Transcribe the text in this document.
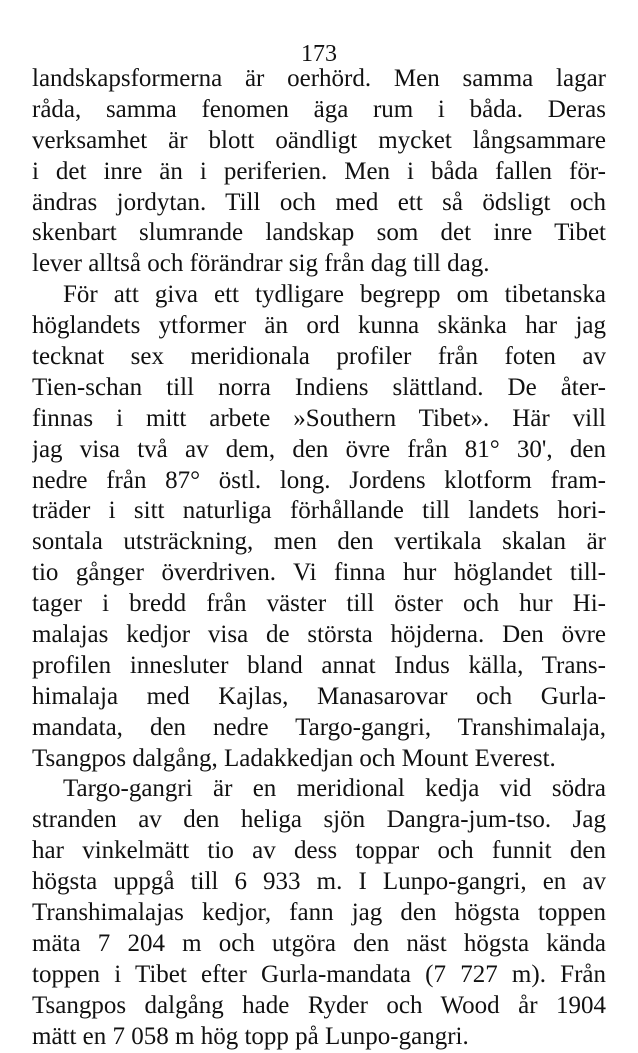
173
landskapsformerna är oerhörd. Men samma lagar
råda, samma fenomen äga rum i båda. Deras
verksamhet är blott oändligt mycket långsammare
i det inre än i periferien. Men i båda fallen för-
ändras jordytan. Till och med ett så ödsligt och
skenbart slumrande landskap som det inre Tibet
lever alltså och förändrar sig från dag till dag.
För att giva ett tydligare begrepp om tibetanska
höglandets ytformer än ord kunna skänka har jag
tecknat sex meridionala profiler från foten av
Tien-schan till norra Indiens slättland. De åter-
finnas i mitt arbete »Southern Tibet». Här vill
jag visa två av dem, den övre från 81° 30', den
nedre från 87° östl. long. Jordens klotform fram-
träder i sitt naturliga förhållande till landets hori-
sontala utsträckning, men den vertikala skalan är
tio gånger överdriven. Vi finna hur höglandet till-
tager i bredd från väster till öster och hur Hi-
malajas kedjor visa de största höjderna. Den övre
profilen innesluter bland annat Indus källa, Trans-
himalaja med Kajlas, Manasarovar och Gurla-
mandata, den nedre Targo-gangri, Transhimalaja,
Tsangpos dalgång, Ladakkedjan och Mount Everest.
Targo-gangri är en meridional kedja vid södra
stranden av den heliga sjön Dangra-jum-tso. Jag
har vinkelmätt tio av dess toppar och funnit den
högsta uppgå till 6 933 m. I Lunpo-gangri, en av
Transhimalajas kedjor, fann jag den högsta toppen
mäta 7 204 m och utgöra den näst högsta kända
toppen i Tibet efter Gurla-mandata (7 727 m). Från
Tsangpos dalgång hade Ryder och Wood år 1904
mätt en 7 058 m hög topp på Lunpo-gangri.
